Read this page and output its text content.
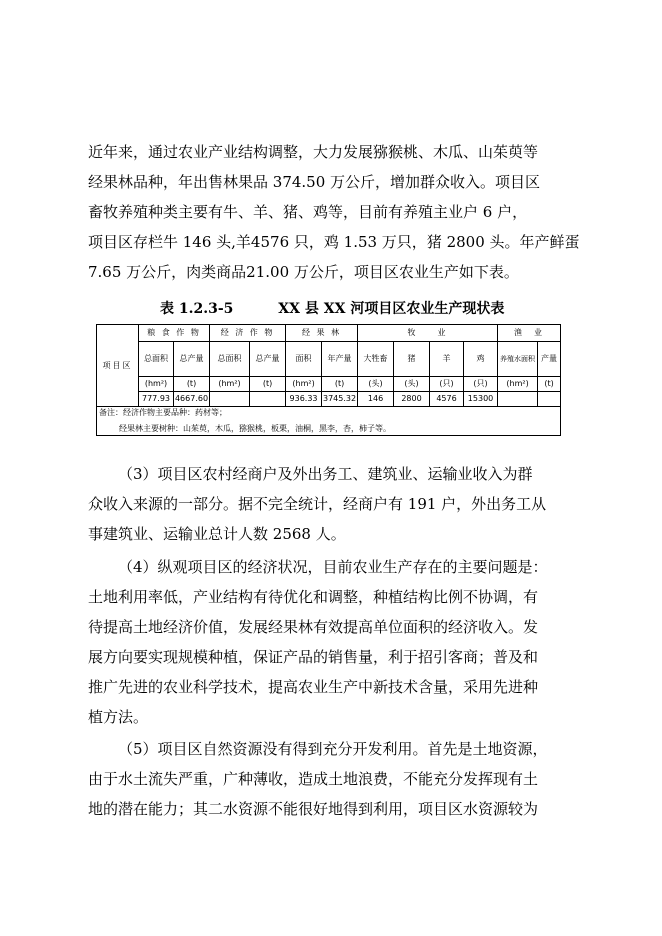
近年来，通过农业产业结构调整，大力发展猕猴桃、木瓜、山茱萸等
经果林品种，年出售林果品 374.50 万公斤，增加群众收入。项目区
畜牧养殖种类主要有牛、羊、猪、鸡等，目前有养殖主业户 6 户，
项目区存栏牛 146 头,羊4576 只，鸡 1.53 万只，猪 2800 头。年产鲜蛋
7.65 万公斤，肉类商品21.00 万公斤，项目区农业生产如下表。
表 1.2.3-5	XX 县 XX 河项目区农业生产现状表
项目区	粮 食 作 物		经 济 作 物		经 果 林		牧　　业				渔　业	
	总面积	总产量	总面积	总产量	面积	年产量	大牲畜	猪	羊	鸡	养殖水面积	产量
	(hm²)	(t)	(hm²)	(t)	(hm²)	(t)	(头)	(头)	(只)	(只)	(hm²)	(t)
	777.93	4667.60			936.33	3745.32	146	2800	4576	15300		
备注：经济作物主要品种：药材等；
经果林主要树种：山茱萸，木瓜，猕猴桃，板栗，油桐，黑李，杏，柿子等。												
（3）项目区农村经商户及外出务工、建筑业、运输业收入为群
众收入来源的一部分。据不完全统计，经商户有 191 户，外出务工从
事建筑业、运输业总计人数 2568 人。
（4）纵观项目区的经济状况，目前农业生产存在的主要问题是：
土地利用率低，产业结构有待优化和调整，种植结构比例不协调，有
待提高土地经济价值，发展经果林有效提高单位面积的经济收入。发
展方向要实现规模种植，保证产品的销售量，利于招引客商；普及和
推广先进的农业科学技术，提高农业生产中新技术含量，采用先进种
植方法。
（5）项目区自然资源没有得到充分开发利用。首先是土地资源，
由于水土流失严重，广种薄收，造成土地浪费，不能充分发挥现有土
地的潜在能力；其二水资源不能很好地得到利用，项目区水资源较为
